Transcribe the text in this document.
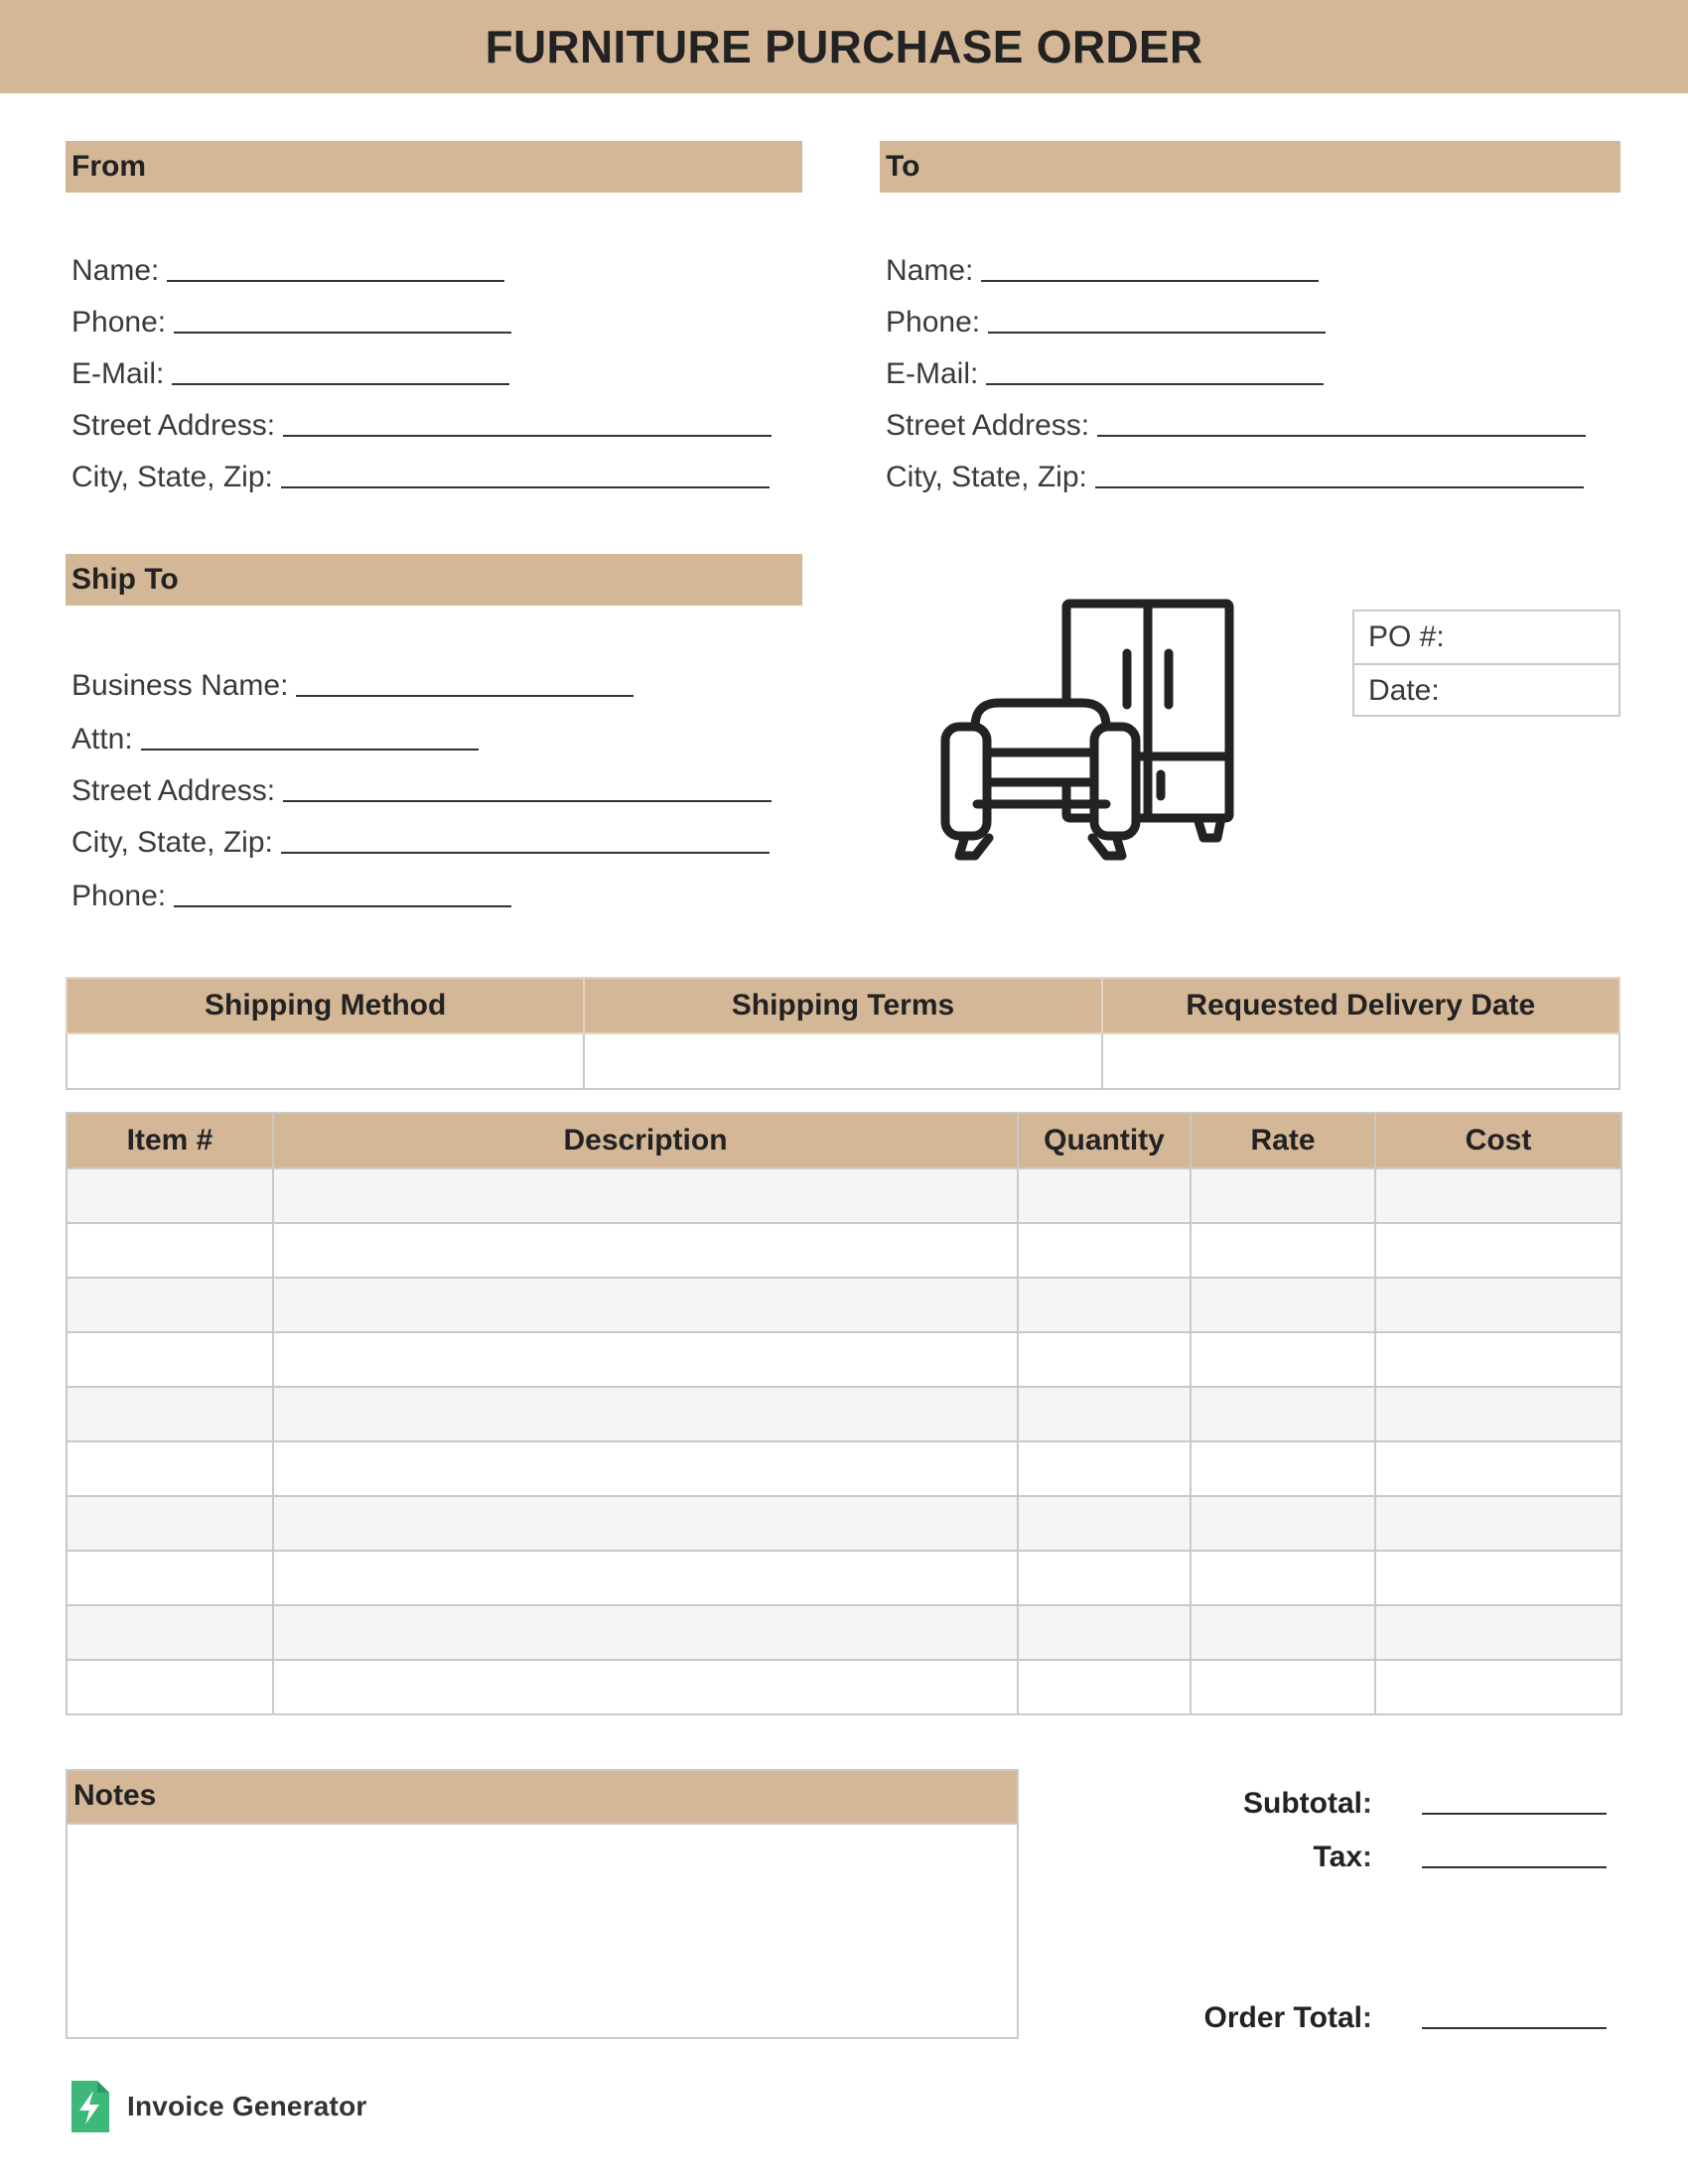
FURNITURE PURCHASE ORDER
From
Name:
Phone:
E-Mail:
Street Address:
City, State, Zip:
To
Name:
Phone:
E-Mail:
Street Address:
City, State, Zip:
Ship To
Business Name:
Attn:
Street Address:
City, State, Zip:
Phone:
PO #:
Date:
Shipping Method	Shipping Terms	Requested Delivery Date

Item #	Description	Quantity	Rate	Cost

Notes	Subtotal:
Tax:
Order Total:
Invoice Generator
